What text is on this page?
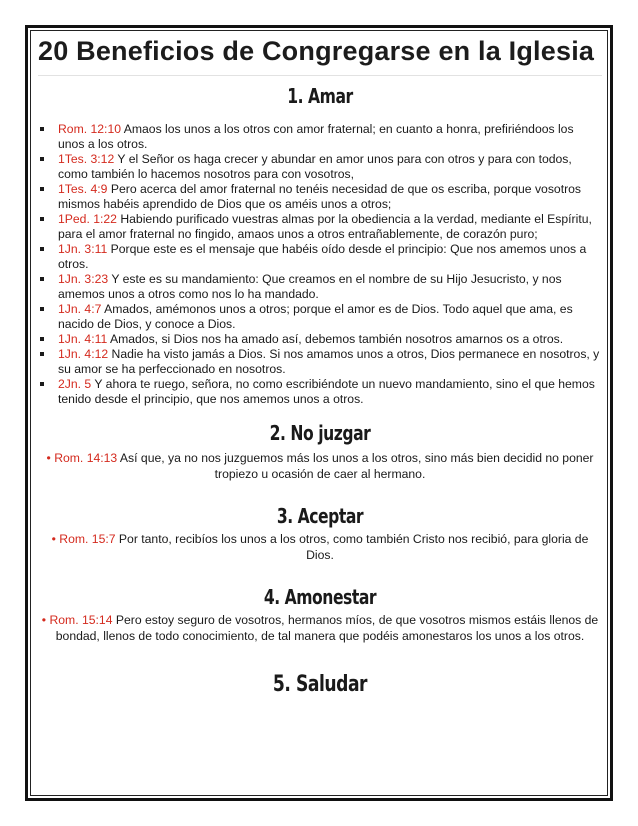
20 Beneficios de Congregarse en la Iglesia
1. Amar
Rom. 12:10 Amaos los unos a los otros con amor fraternal; en cuanto a honra, prefiriéndoos los unos a los otros.
1Tes. 3:12 Y el Señor os haga crecer y abundar en amor unos para con otros y para con todos, como también lo hacemos nosotros para con vosotros,
1Tes. 4:9 Pero acerca del amor fraternal no tenéis necesidad de que os escriba, porque vosotros mismos habéis aprendido de Dios que os améis unos a otros;
1Ped. 1:22 Habiendo purificado vuestras almas por la obediencia a la verdad, mediante el Espíritu, para el amor fraternal no fingido, amaos unos a otros entrañablemente, de corazón puro;
1Jn. 3:11 Porque este es el mensaje que habéis oído desde el principio: Que nos amemos unos a otros.
1Jn. 3:23 Y este es su mandamiento: Que creamos en el nombre de su Hijo Jesucristo, y nos amemos unos a otros como nos lo ha mandado.
1Jn. 4:7 Amados, amémonos unos a otros; porque el amor es de Dios. Todo aquel que ama, es nacido de Dios, y conoce a Dios.
1Jn. 4:11 Amados, si Dios nos ha amado así, debemos también nosotros amarnos os a otros.
1Jn. 4:12 Nadie ha visto jamás a Dios. Si nos amamos unos a otros, Dios permanece en nosotros, y su amor se ha perfeccionado en nosotros.
2Jn. 5 Y ahora te ruego, señora, no como escribiéndote un nuevo mandamiento, sino el que hemos tenido desde el principio, que nos amemos unos a otros.
2. No juzgar

• Rom. 14:13 Así que, ya no nos juzguemos más los unos a los otros, sino más bien decidid no poner tropiezo u ocasión de caer al hermano.

3. Aceptar

• Rom. 15:7 Por tanto, recibíos los unos a los otros, como también Cristo nos recibió, para gloria de Dios.

4. Amonestar

• Rom. 15:14 Pero estoy seguro de vosotros, hermanos míos, de que vosotros mismos estáis llenos de bondad, llenos de todo conocimiento, de tal manera que podéis amonestaros los unos a los otros.

5. Saludar
